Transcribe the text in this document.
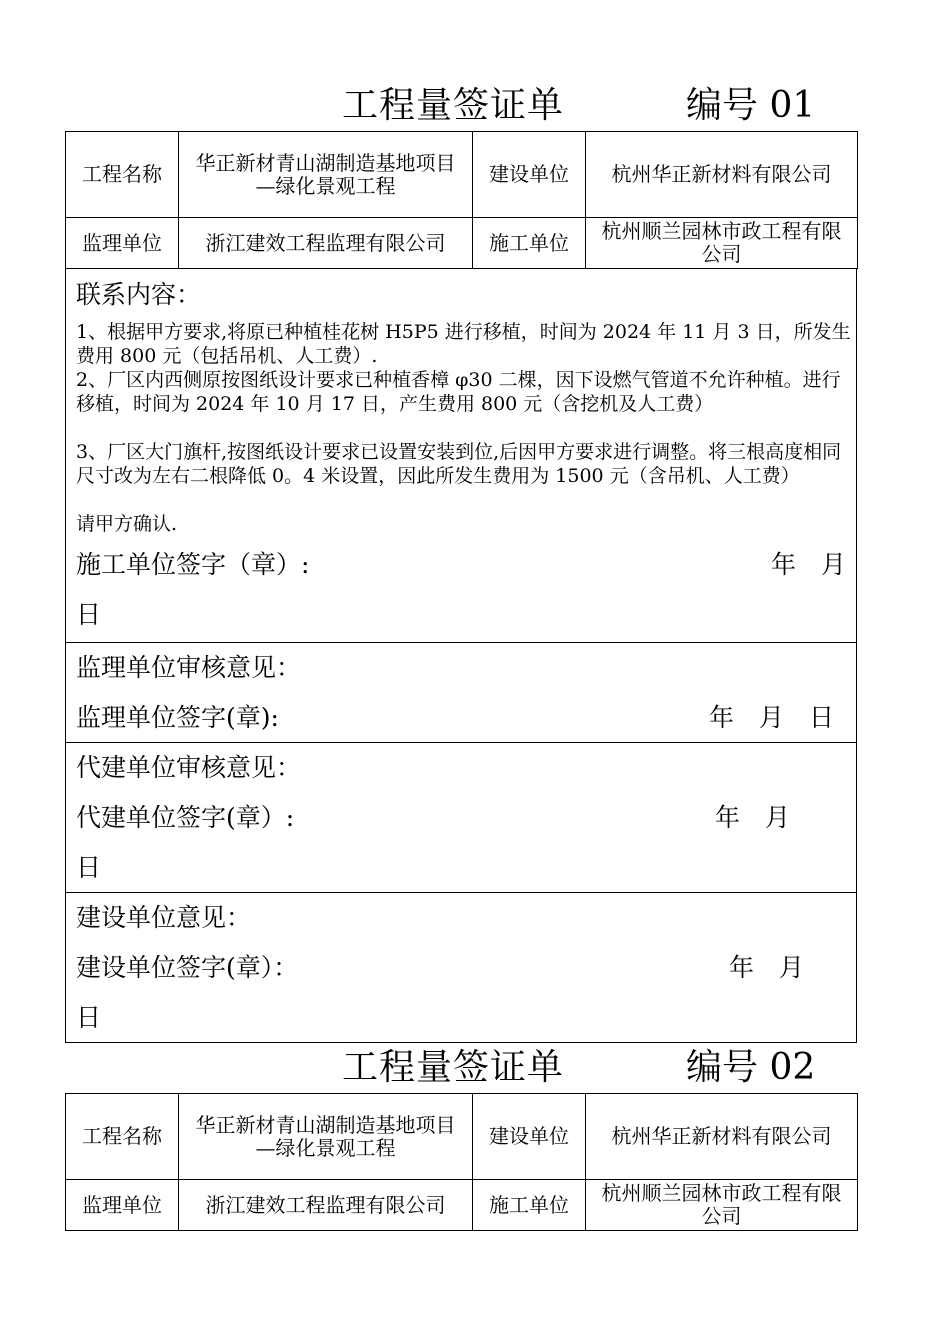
工程量签证单	编号 01
工程名称	华正新材青山湖制造基地项目—绿化景观工程	建设单位	杭州华正新材料有限公司
监理单位	浙江建效工程监理有限公司	施工单位	杭州顺兰园林市政工程有限公司
联系内容：
1、根据甲方要求,将原已种植桂花树 H5P5 进行移植，时间为 2024 年 11 月 3 日，所发生费用 800 元（包括吊机、人工费）.
2、厂区内西侧原按图纸设计要求已种植香樟 φ30 二棵，因下设燃气管道不允许种植。进行移植，时间为 2024 年 10 月 17 日，产生费用 800 元（含挖机及人工费）
3、厂区大门旗杆,按图纸设计要求已设置安装到位,后因甲方要求进行调整。将三根高度相同尺寸改为左右二根降低 0。4 米设置，因此所发生费用为 1500 元（含吊机、人工费）
请甲方确认.
施工单位签字（章）:	年　月
日
监理单位审核意见：
监理单位签字(章):	年　月　日
代建单位审核意见：
代建单位签字(章）:	年　月
日
建设单位意见：
建设单位签字(章）：	年　月
日
工程量签证单	编号 02
工程名称	华正新材青山湖制造基地项目—绿化景观工程	建设单位	杭州华正新材料有限公司
监理单位	浙江建效工程监理有限公司	施工单位	杭州顺兰园林市政工程有限公司
